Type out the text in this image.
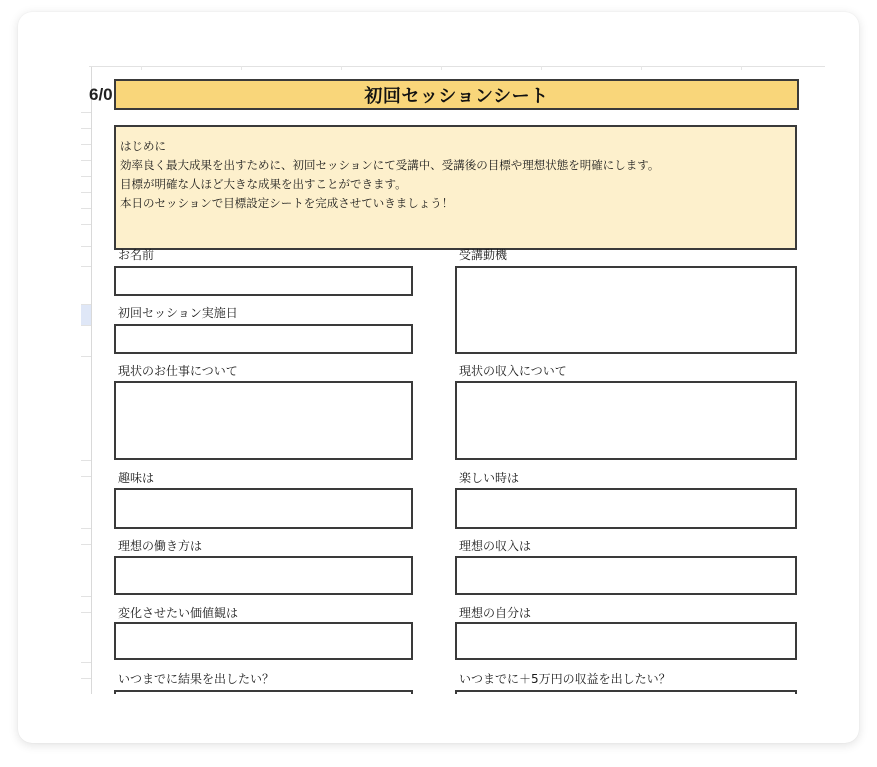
6/0	初回セッションシート
はじめに
効率良く最大成果を出すために、初回セッションにて受講中、受講後の目標や理想状態を明確にします。
目標が明確な人ほど大きな成果を出すことができます。
本日のセッションで目標設定シートを完成させていきましょう！
お名前
初回セッション実施日
現状のお仕事について
趣味は
理想の働き方は
変化させたい価値観は
いつまでに結果を出したい？
受講動機
現状の収入について
楽しい時は
理想の収入は
理想の自分は
いつまでに＋5万円の収益を出したい？
